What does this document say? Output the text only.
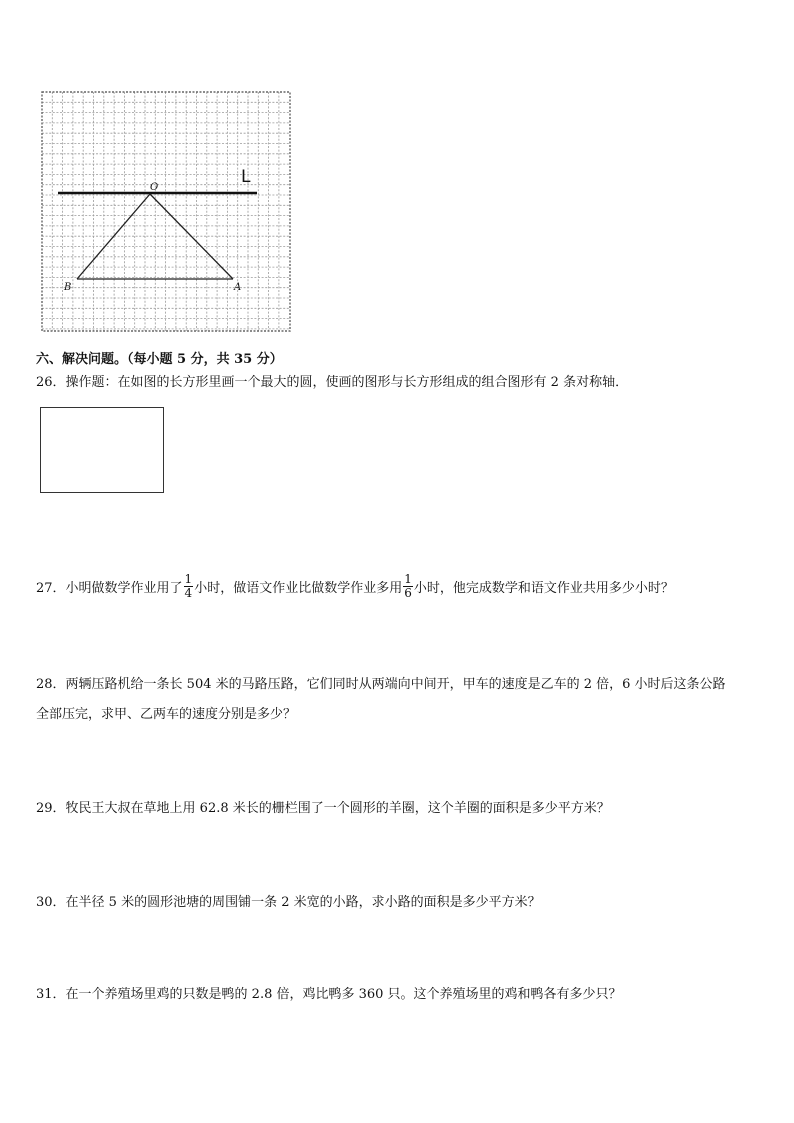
L
O
B	A
六、解决问题。（每小题 5 分，共 35 分）
26．操作题：在如图的长方形里画一个最大的圆，使画的图形与长方形组成的组合图形有 2 条对称轴．
27．小明做数学作业用了 $\frac{1}{4}$ 小时，做语文作业比做数学作业多用 $\frac{1}{6}$ 小时，他完成数学和语文作业共用多少小时？
28．两辆压路机给一条长 504 米的马路压路，它们同时从两端向中间开，甲车的速度是乙车的 2 倍，6 小时后这条公路
全部压完，求甲、乙两车的速度分别是多少？
29．牧民王大叔在草地上用 62.8 米长的栅栏围了一个圆形的羊圈，这个羊圈的面积是多少平方米？
30．在半径 5 米的圆形池塘的周围铺一条 2 米宽的小路，求小路的面积是多少平方米？
31．在一个养殖场里鸡的只数是鸭的 2.8 倍，鸡比鸭多 360 只。这个养殖场里的鸡和鸭各有多少只？
